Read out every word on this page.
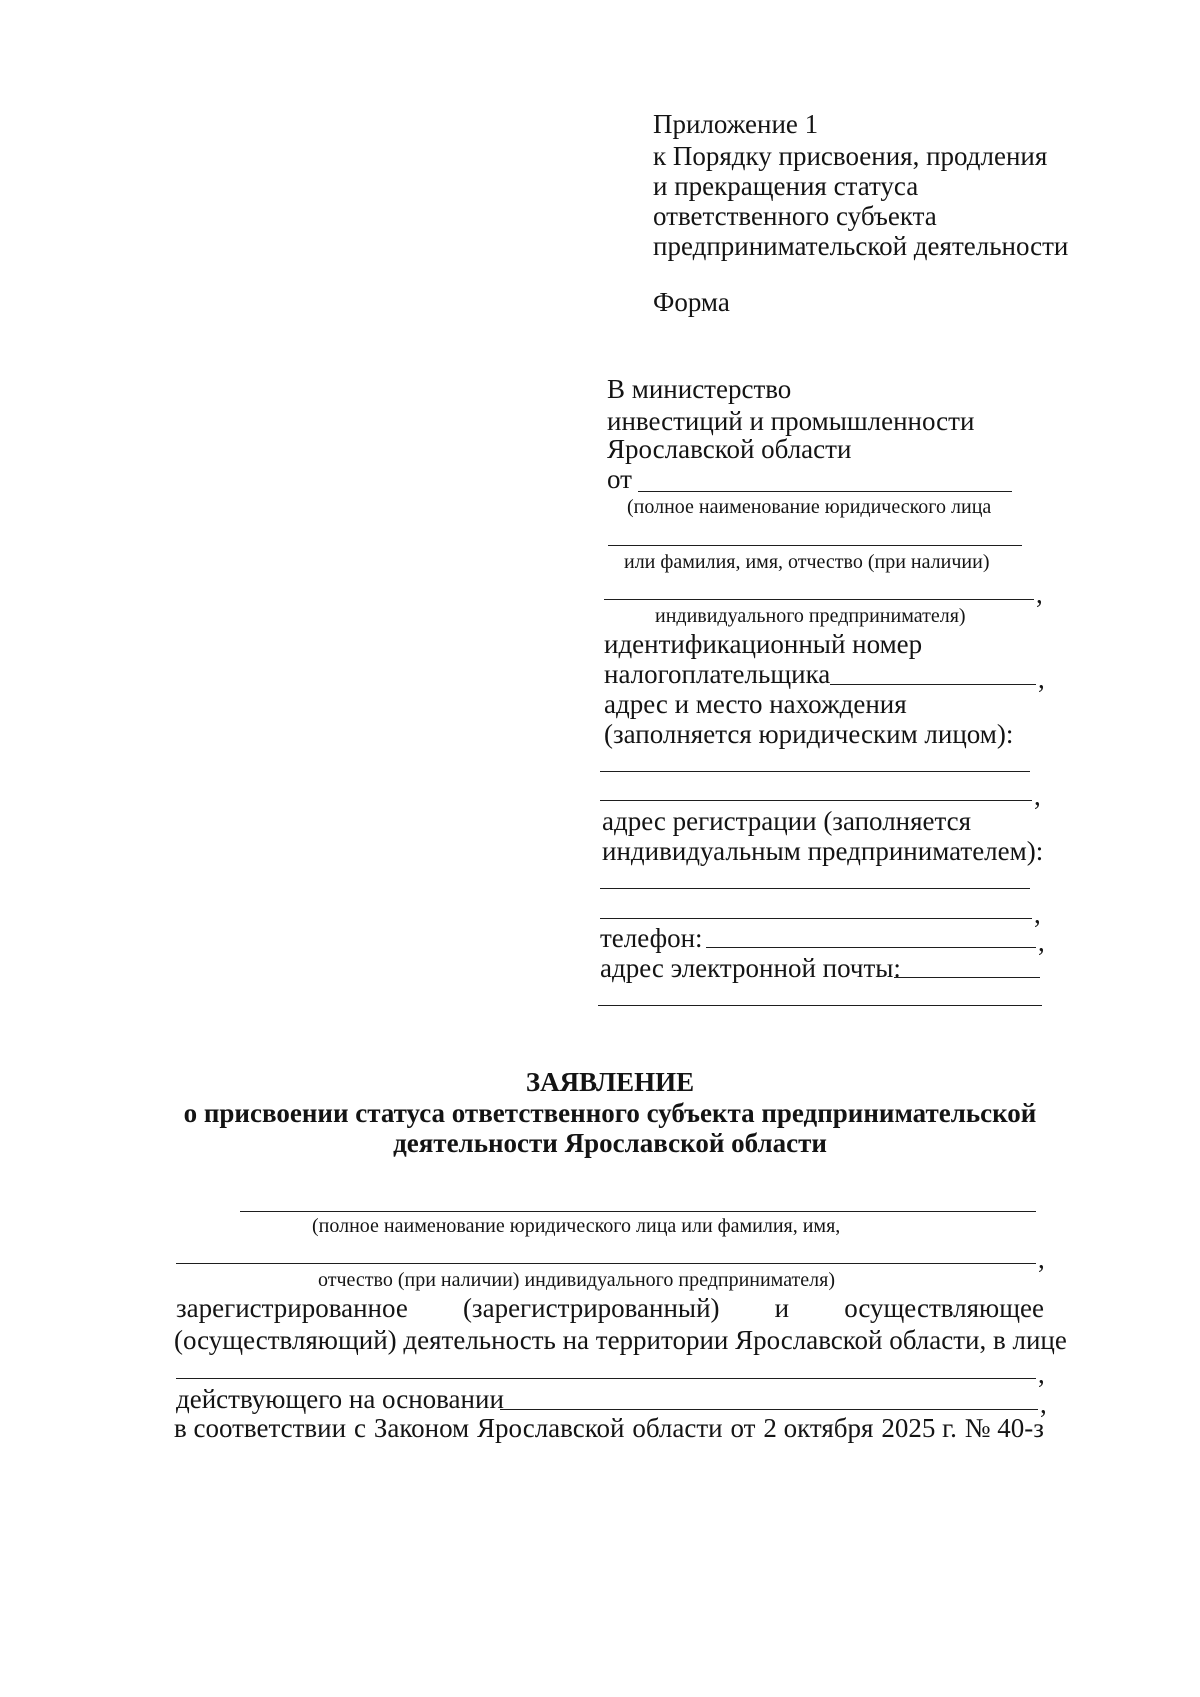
Приложение 1
к Порядку присвоения, продления
и прекращения статуса
ответственного субъекта
предпринимательской деятельности
Форма
В министерство
инвестиций и промышленности
Ярославской области
от
(полное наименование юридического лица
или фамилия, имя, отчество (при наличии)
,
индивидуального предпринимателя)
идентификационный номер
налогоплательщика	,
адрес и место нахождения
(заполняется юридическим лицом):
,
адрес регистрации (заполняется
индивидуальным предпринимателем):
,
телефон:	,
адрес электронной почты:
ЗАЯВЛЕНИЕ
о присвоении статуса ответственного субъекта предпринимательской
деятельности Ярославской области
(полное наименование юридического лица или фамилия, имя,
,
отчество (при наличии) индивидуального предпринимателя)
зарегистрированное (зарегистрированный) и осуществляющее
(осуществляющий) деятельность на территории Ярославской области, в лице
,
действующего на основании	,
в соответствии с Законом Ярославской области от 2 октября 2025 г. № 40-з
